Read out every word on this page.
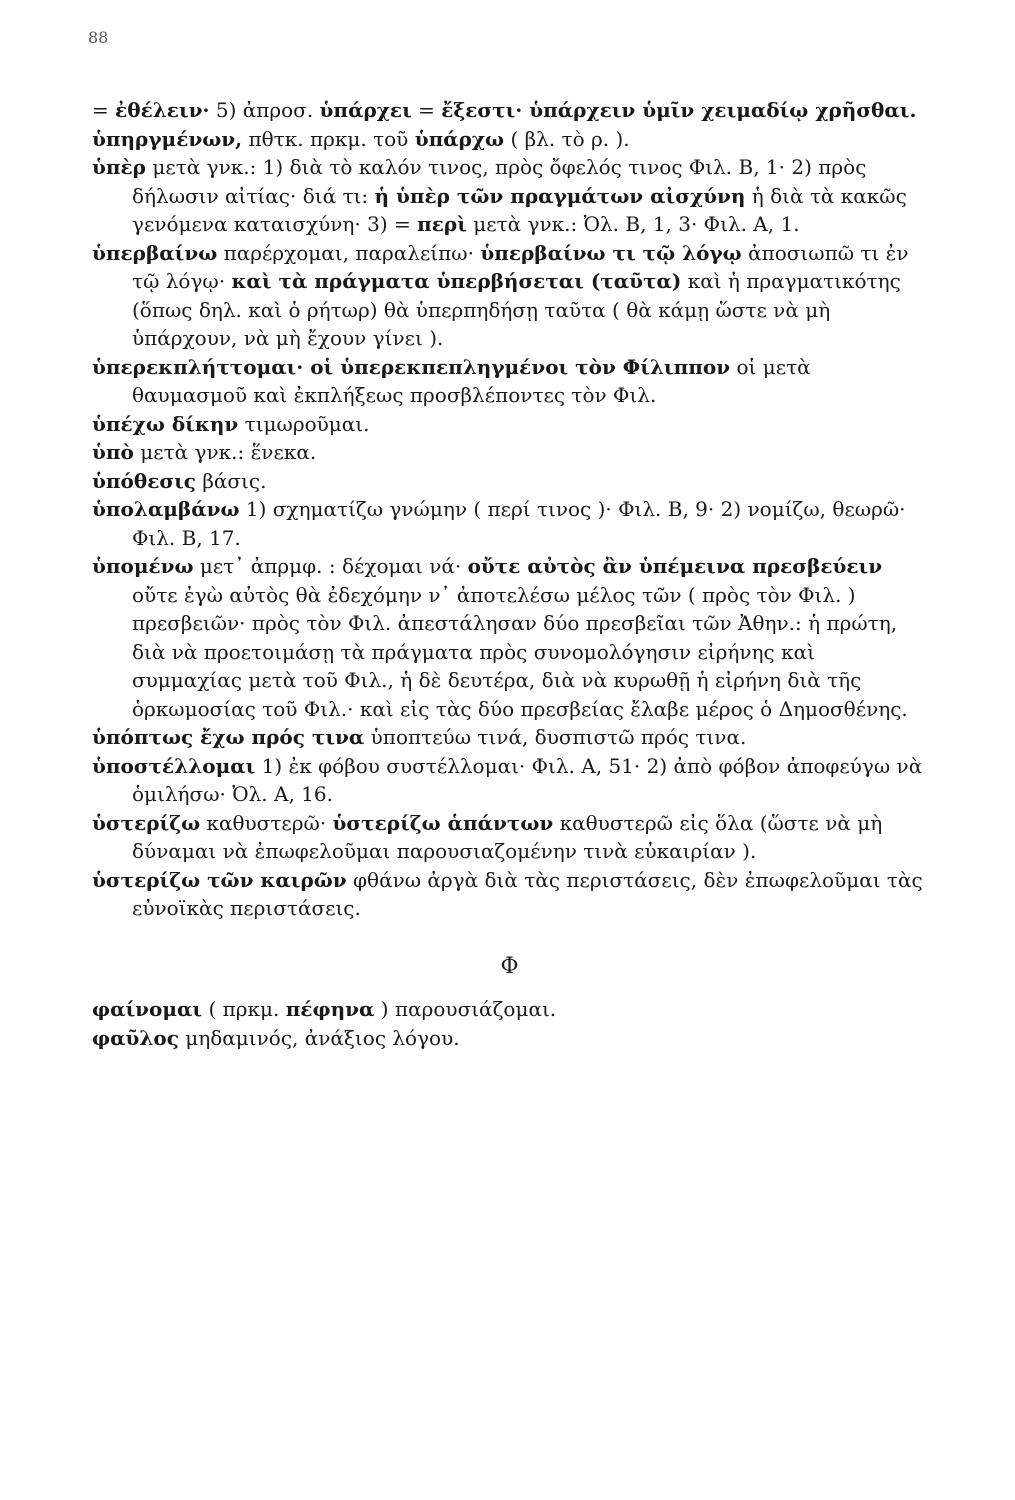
88

= ἐθέλειν· 5) ἀπροσ. ὑπάρχει = ἔξεστι· ὑπάρχειν ὑμῖν χειμαδίῳ χρῆσθαι.

ὑπηργμένων, πθτκ. πρκμ. τοῦ ὑπάρχω ( βλ. τὸ ρ. ).

ὑπὲρ μετὰ γνκ.: 1) διὰ τὸ καλόν τινος, πρὸς ὄφελός τινος Φιλ. Β, 1· 2) πρὸς δήλωσιν αἰτίας· διά τι: ἡ ὑπὲρ τῶν πραγμάτων αἰσχύνη ἡ διὰ τὰ κακῶς γενόμενα καταισχύνη· 3) = περὶ μετὰ γνκ.: Ὀλ. Β, 1, 3· Φιλ. Α, 1.

ὑπερβαίνω παρέρχομαι, παραλείπω· ὑπερβαίνω τι τῷ λόγῳ ἀποσιωπῶ τι ἐν τῷ λόγῳ· καὶ τὰ πράγματα ὑπερβήσεται (ταῦτα) καὶ ἡ πραγματικότης (ὅπως δηλ. καὶ ὁ ρήτωρ) θὰ ὑπερπηδήσῃ ταῦτα ( θὰ κάμῃ ὥστε νὰ μὴ ὑπάρχουν, νὰ μὴ ἔχουν γίνει ).

ὑπερεκπλήττομαι· οἱ ὑπερεκπεπληγμένοι τὸν Φίλιππον οἱ μετὰ θαυμασμοῦ καὶ ἐκπλήξεως προσβλέποντες τὸν Φιλ.

ὑπέχω δίκην τιμωροῦμαι.

ὑπὸ μετὰ γνκ.: ἕνεκα.

ὑπόθεσις βάσις.

ὑπολαμβάνω 1) σχηματίζω γνώμην ( περί τινος )· Φιλ. Β, 9· 2) νομίζω, θεωρῶ· Φιλ. Β, 17.

ὑπομένω μετ᾽ ἀπρμφ. : δέχομαι νά· οὔτε αὐτὸς ἂν ὑπέμεινα πρεσβεύειν οὔτε ἐγὼ αὐτὸς θὰ ἐδεχόμην ν᾽ ἀποτελέσω μέλος τῶν ( πρὸς τὸν Φιλ. ) πρεσβειῶν· πρὸς τὸν Φιλ. ἀπεστάλησαν δύο πρεσβεῖαι τῶν Ἀθην.: ἡ πρώτη, διὰ νὰ προετοιμάσῃ τὰ πράγματα πρὸς συνομολόγησιν εἰρήνης καὶ συμμαχίας μετὰ τοῦ Φιλ., ἡ δὲ δευτέρα, διὰ νὰ κυρωθῇ ἡ εἰρήνη διὰ τῆς ὁρκωμοσίας τοῦ Φιλ.· καὶ εἰς τὰς δύο πρεσβείας ἔλαβε μέρος ὁ Δημοσθένης.

ὑπόπτως ἔχω πρός τινα ὑποπτεύω τινά, δυσπιστῶ πρός τινα.

ὑποστέλλομαι 1) ἐκ φόβου συστέλλομαι· Φιλ. Α, 51· 2) ἀπὸ φόβον ἀποφεύγω νὰ ὁμιλήσω· Ὀλ. Α, 16.

ὑστερίζω καθυστερῶ· ὑστερίζω ἁπάντων καθυστερῶ εἰς ὅλα (ὥστε νὰ μὴ δύναμαι νὰ ἐπωφελοῦμαι παρουσιαζομένην τινὰ εὐκαιρίαν ).

ὑστερίζω τῶν καιρῶν φθάνω ἀργὰ διὰ τὰς περιστάσεις, δὲν ἐπωφελοῦμαι τὰς εὐνοϊκὰς περιστάσεις.

Φ

φαίνομαι ( πρκμ. πέφηνα ) παρουσιάζομαι.

φαῦλος μηδαμινός, ἀνάξιος λόγου.
